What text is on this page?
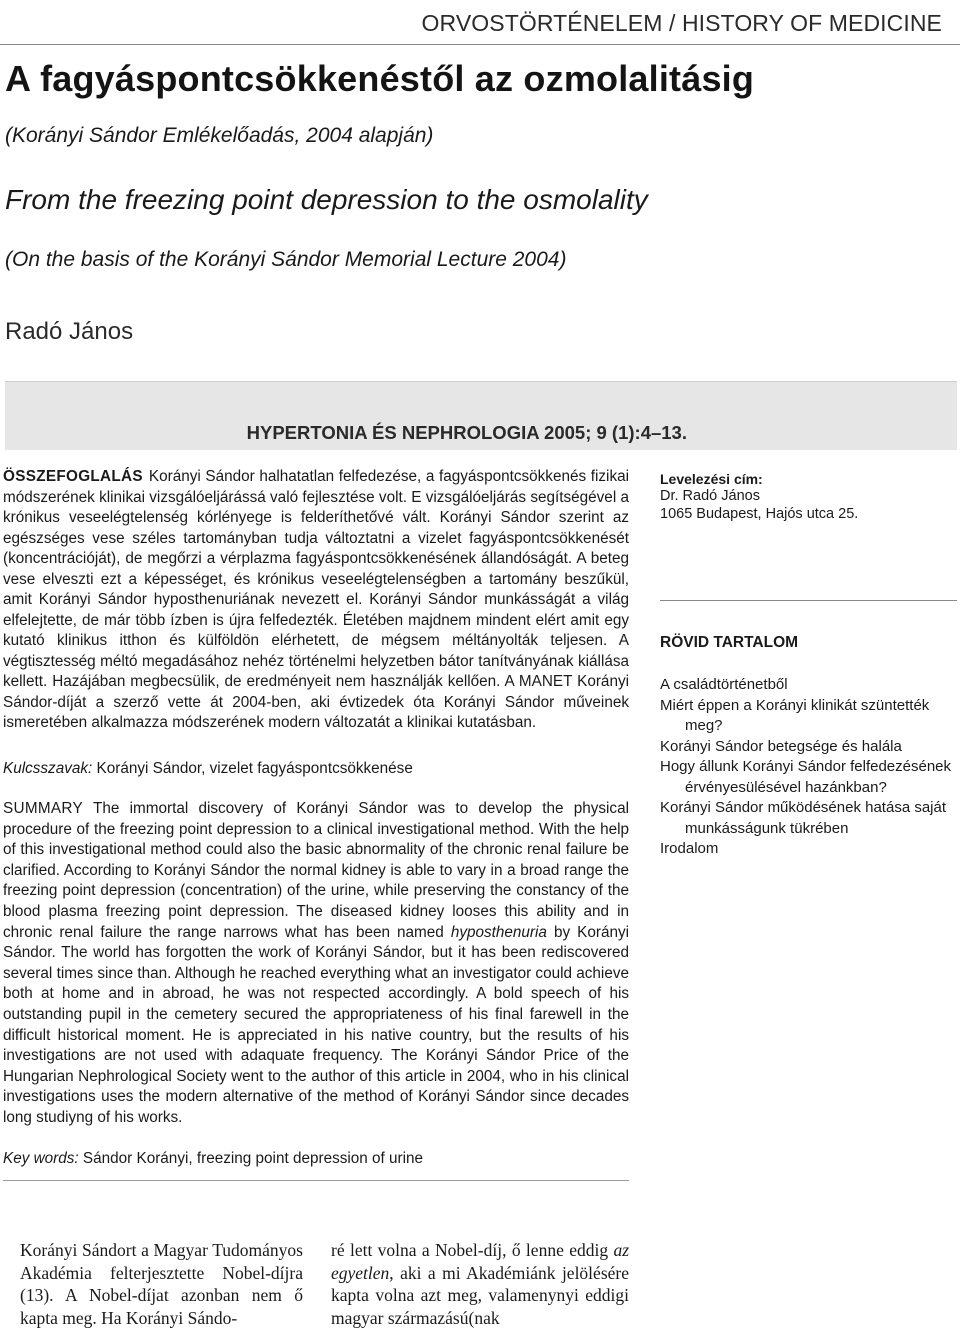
ORVOSTÖRTÉNELEM / HISTORY OF MEDICINE
A fagyáspontcsökkenéstől az ozmolalitásig
(Korányi Sándor Emlékelőadás, 2004 alapján)
From the freezing point depression to the osmolality
(On the basis of the Korányi Sándor Memorial Lecture 2004)
Radó János
HYPERTONIA ÉS NEPHROLOGIA 2005; 9 (1):4–13.
ÖSSZEFOGLALÁS Korányi Sándor halhatatlan felfedezése, a fagyáspontcsökkenés fizikai módszerének klinikai vizsgálóeljárássá való fejlesztése volt. E vizsgálóeljárás segítségével a krónikus veseelégtelenség kórlényege is felderíthetővé vált. Korányi Sándor szerint az egészséges vese széles tartományban tudja változtatni a vizelet fagyáspontcsökkenését (koncentrációját), de megőrzi a vérplazma fagyáspontcsökkenésének állandóságát. A beteg vese elveszti ezt a képességet, és krónikus veseelégtelenségben a tartomány beszűkül, amit Korányi Sándor hyposthenuriának nevezett el. Korányi Sándor munkásságát a világ elfelejtette, de már több ízben is újra felfedezték. Életében majdnem mindent elért amit egy kutató klinikus itthon és külföldön elérhetett, de mégsem méltányolták teljesen. A végtisztesség méltó megadásához nehéz történelmi helyzetben bátor tanítványának kiállása kellett. Hazájában megbecsülik, de eredményeit nem használják kellően. A MANET Korányi Sándor-díját a szerző vette át 2004-ben, aki évtizedek óta Korányi Sándor műveinek ismeretében alkalmazza módszerének modern változatát a klinikai kutatásban.
Kulcsszavak: Korányi Sándor, vizelet fagyáspontcsökkenése
SUMMARY The immortal discovery of Korányi Sándor was to develop the physical procedure of the freezing point depression to a clinical investigational method. With the help of this investigational method could also the basic abnormality of the chronic renal failure be clarified. According to Korányi Sándor the normal kidney is able to vary in a broad range the freezing point depression (concentration) of the urine, while preserving the constancy of the blood plasma freezing point depression. The diseased kidney looses this ability and in chronic renal failure the range narrows what has been named hyposthenuria by Korányi Sándor. The world has forgotten the work of Korányi Sándor, but it has been rediscovered several times since than. Although he reached everything what an investigator could achieve both at home and in abroad, he was not respected accordingly. A bold speech of his outstanding pupil in the cemetery secured the appropriateness of his final farewell in the difficult historical moment. He is appreciated in his native country, but the results of his investigations are not used with adaquate frequency. The Korányi Sándor Price of the Hungarian Nephrological Society went to the author of this article in 2004, who in his clinical investigations uses the modern alternative of the method of Korányi Sándor since decades long studiyng of his works.
Key words: Sándor Korányi, freezing point depression of urine
Levelezési cím:
Dr. Radó János
1065 Budapest, Hajós utca 25.
RÖVID TARTALOM
A családtörténetből
Miért éppen a Korányi klinikát szüntették meg?
Korányi Sándor betegsége és halála
Hogy állunk Korányi Sándor felfedezésének érvényesülésével hazánkban?
Korányi Sándor működésének hatása saját munkásságunk tükrében
Irodalom
Korányi Sándort a Magyar Tudományos Akadémia felterjesztette Nobel-díjra (13). A Nobel-díjat azonban nem ő kapta meg. Ha Korányi Sándo-
ré lett volna a Nobel-díj, ő lenne eddig az egyetlen, aki a mi Akadémiánk jelölésére kapta volna azt meg, valamenynyi eddigi magyar származású(nak
